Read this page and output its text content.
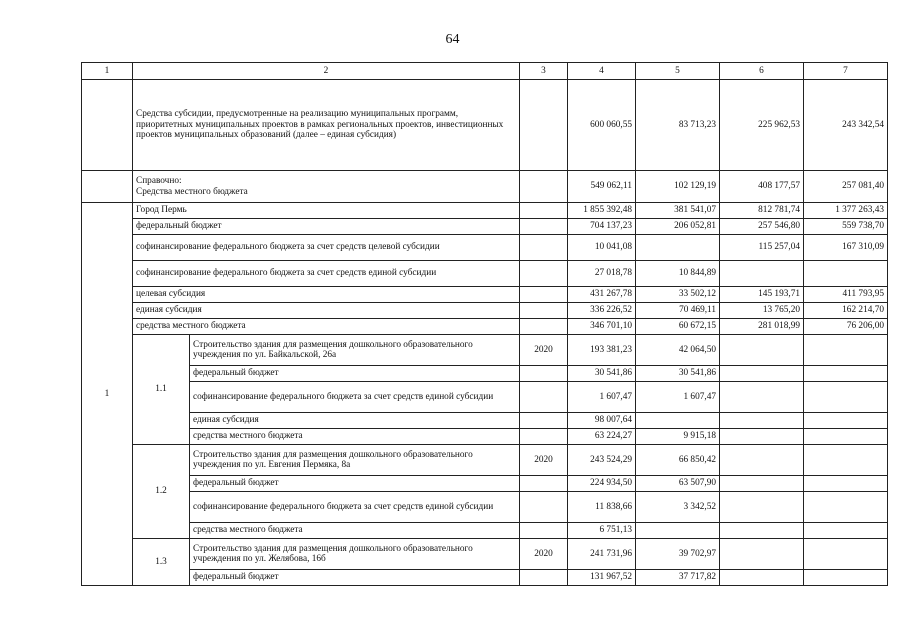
64
1	2		3	4	5	6	7
	Средства субсидии, предусмотренные на реализацию муниципальных программ, приоритетных муниципальных проектов в рамках региональных проектов, инвестиционных проектов муниципальных образований (далее – единая субсидия)			600 060,55	83 713,23	225 962,53	243 342,54
	Справочно:
Средства местного бюджета			549 062,11	102 129,19	408 177,57	257 081,40
1	Город Пермь			1 855 392,48	381 541,07	812 781,74	1 377 263,43
	федеральный бюджет			704 137,23	206 052,81	257 546,80	559 738,70
	софинансирование федерального бюджета за счет средств целевой субсидии			10 041,08		115 257,04	167 310,09
	софинансирование федерального бюджета за счет средств единой субсидии			27 018,78	10 844,89		
	целевая субсидия			431 267,78	33 502,12	145 193,71	411 793,95
	единая субсидия			336 226,52	70 469,11	13 765,20	162 214,70
	средства местного бюджета			346 701,10	60 672,15	281 018,99	76 206,00
	1.1	Строительство здания для размещения дошкольного образовательного учреждения по ул. Байкальской, 26а	2020	193 381,23	42 064,50		
		федеральный бюджет		30 541,86	30 541,86		
		софинансирование федерального бюджета за счет средств единой субсидии		1 607,47	1 607,47		
		единая субсидия		98 007,64			
		средства местного бюджета		63 224,27	9 915,18		
	1.2	Строительство здания для размещения дошкольного образовательного учреждения по ул. Евгения Пермяка, 8а	2020	243 524,29	66 850,42		
		федеральный бюджет		224 934,50	63 507,90		
		софинансирование федерального бюджета за счет средств единой субсидии		11 838,66	3 342,52		
		средства местного бюджета		6 751,13			
	1.3	Строительство здания для размещения дошкольного образовательного учреждения по ул. Желябова, 16б	2020	241 731,96	39 702,97		
		федеральный бюджет		131 967,52	37 717,82		
